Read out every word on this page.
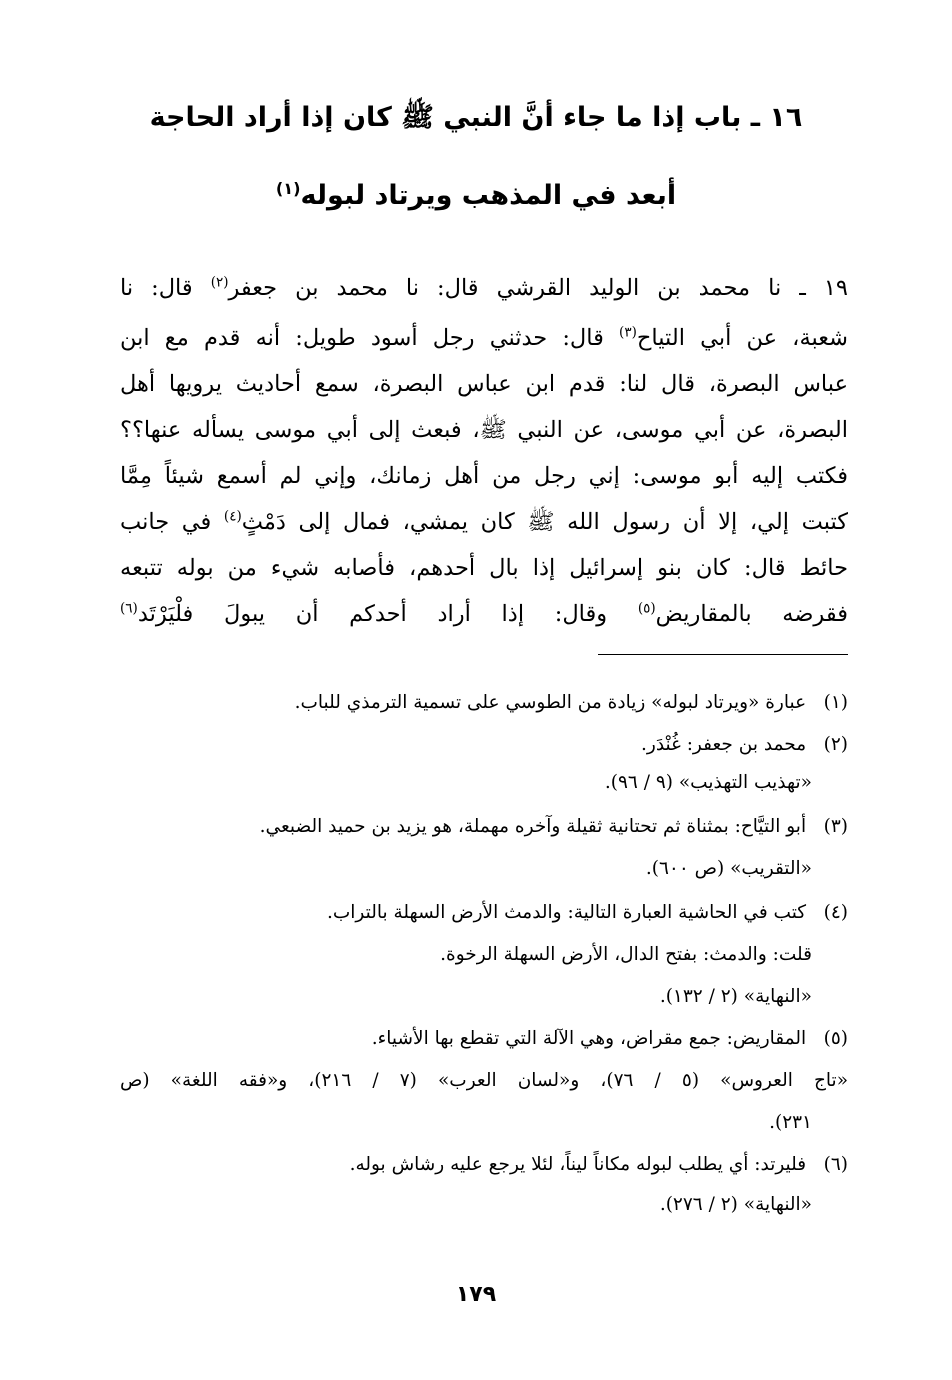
١٦ ـ باب إذا ما جاء أنَّ النبي ﷺ كان إذا أراد الحاجة
أبعد في المذهب ويرتاد لبوله$^{(١)}$
١٩ ـ نا محمد بن الوليد القرشي قال: نا محمد بن جعفر$^{(٢)}$ قال: نا
شعبة، عن أبي التياح$^{(٣)}$ قال: حدثني رجل أسود طويل: أنه قدم مع ابن
عباس البصرة، قال لنا: قدم ابن عباس البصرة، سمع أحاديث يرويها أهل
البصرة، عن أبي موسى، عن النبي ﷺ، فبعث إلى أبي موسى يسأله عنها؟؟
فكتب إليه أبو موسى: إني رجل من أهل زمانك، وإني لم أسمع شيئاً مِمَّا
كتبت إلي، إلا أن رسول الله ﷺ كان يمشي، فمال إلى دَمْثٍ$^{(٤)}$ في جانب
حائط قال: كان بنو إسرائيل إذا بال أحدهم، فأصابه شيء من بوله تتبعه
فقرضه بالمقاريض$^{(٥)}$ وقال: إذا أراد أحدكم أن يبولَ فلْيَرْتَد$^{(٦)}$
(١) عبارة «ويرتاد لبوله» زيادة من الطوسي على تسمية الترمذي للباب.
(٢) محمد بن جعفر: غُنْدَر.
«تهذيب التهذيب» (٩ / ٩٦).
(٣) أبو التيَّاح: بمثناة ثم تحتانية ثقيلة وآخره مهملة، هو يزيد بن حميد الضبعي.
«التقريب» (ص ٦٠٠).
(٤) كتب في الحاشية العبارة التالية: والدمث الأرض السهلة بالتراب.
قلت: والدمث: بفتح الدال، الأرض السهلة الرخوة.
«النهاية» (٢ / ١٣٢).
(٥) المقاريض: جمع مقراض، وهي الآلة التي تقطع بها الأشياء.
«تاج العروس» (٥ / ٧٦)، و«لسان العرب» (٧ / ٢١٦)، و«فقه اللغة» (ص
٢٣١).
(٦) فليرتد: أي يطلب لبوله مكاناً ليناً، لئلا يرجع عليه رشاش بوله.
«النهاية» (٢ / ٢٧٦).
١٧٩
